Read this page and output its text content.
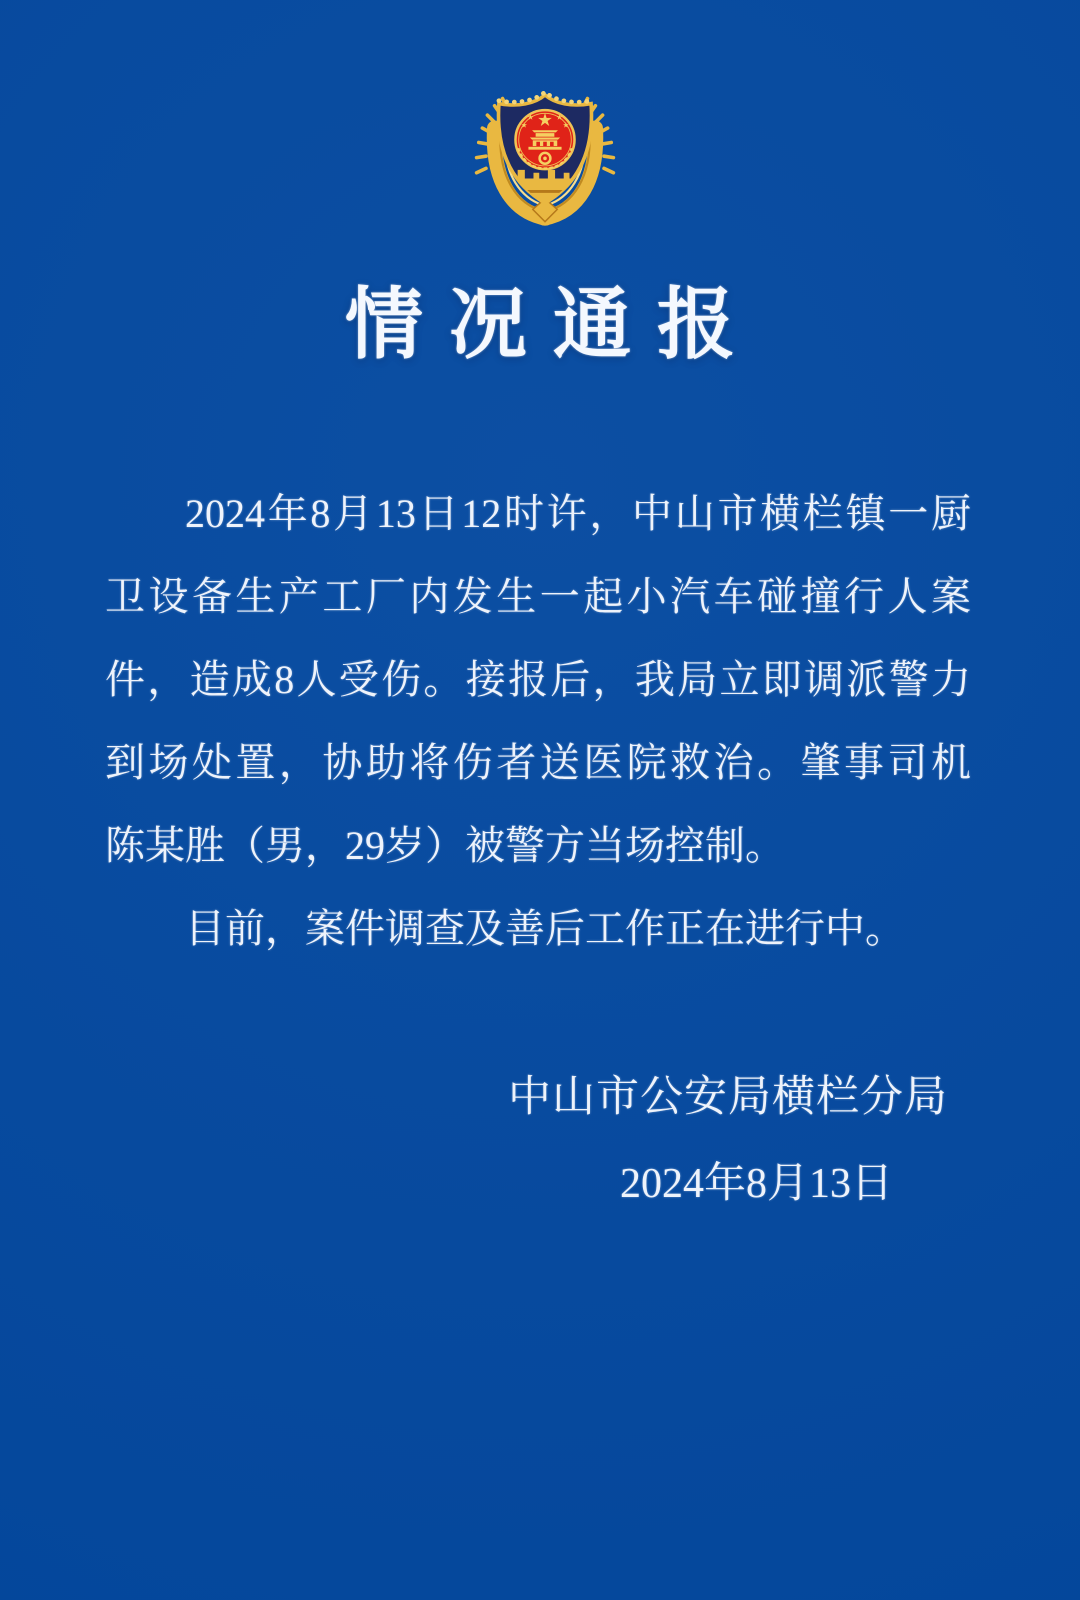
情况通报
2024年8月13日12时许，中山市横栏镇一厨
卫设备生产工厂内发生一起小汽车碰撞行人案
件，造成8人受伤。接报后，我局立即调派警力
到场处置，协助将伤者送医院救治。肇事司机
陈某胜（男，29岁）被警方当场控制。
目前，案件调查及善后工作正在进行中。
中山市公安局横栏分局
2024年8月13日
